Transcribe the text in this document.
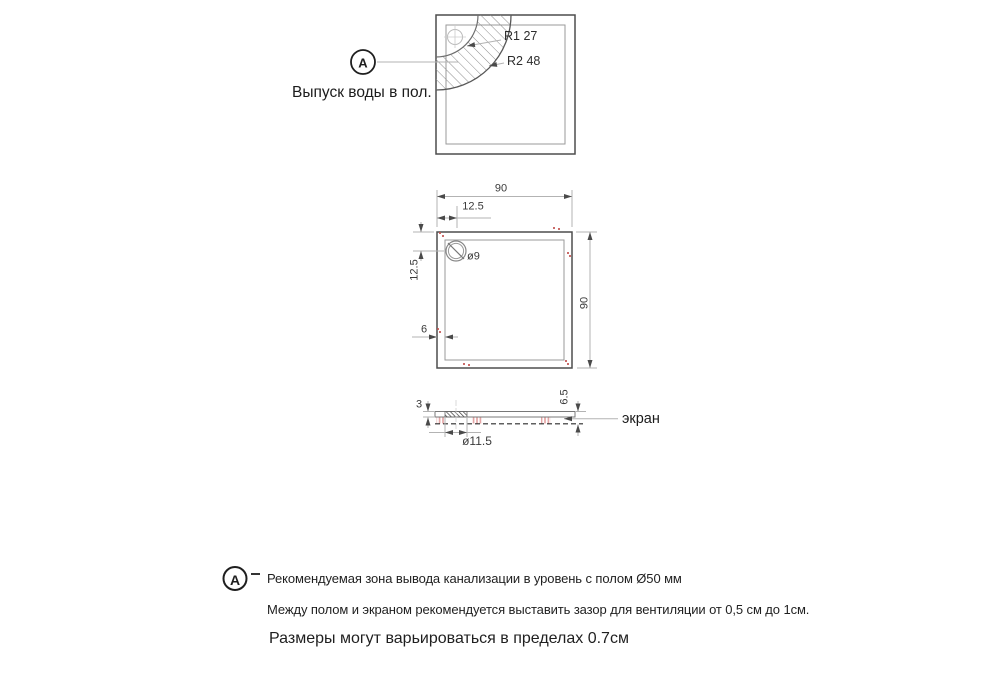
A
Выпуск воды в пол.
R1 27
R2 48
90
12.5
12.5
6
90
ø9
3	6.5
ø11.5
экран
A Рекомендуемая зона вывода канализации в уровень с полом Ø50 мм
Между полом и экраном рекомендуется выставить зазор для вентиляции от 0,5 см до 1см.
Размеры могут варьироваться в пределах 0.7см
